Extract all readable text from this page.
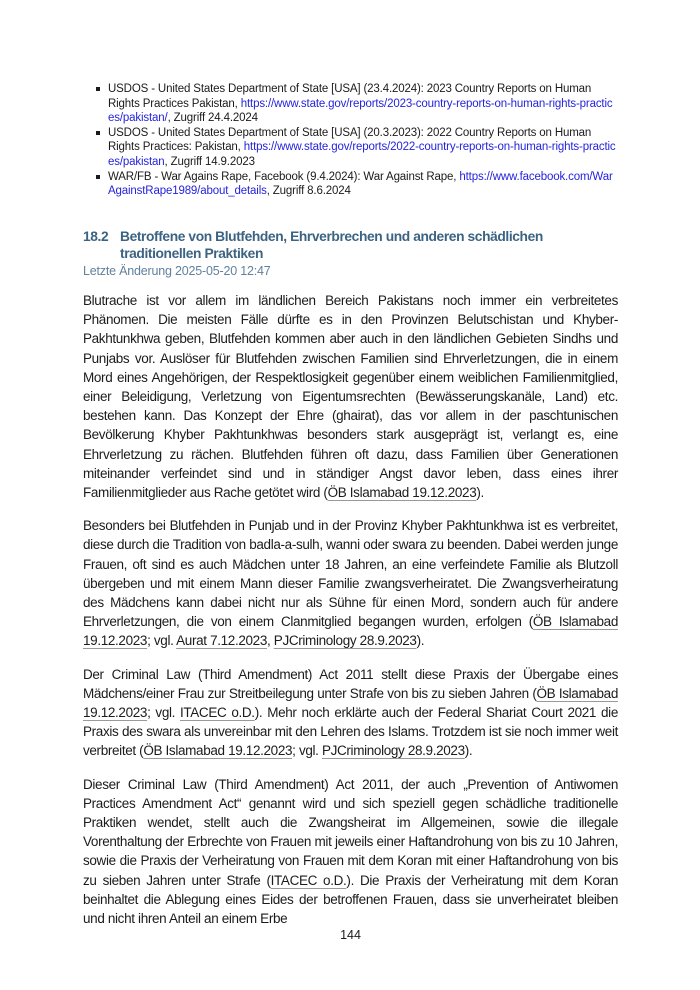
USDOS - United States Department of State [USA] (23.4.2024): 2023 Country Reports on Human Rights Practices Pakistan, https://www.state.gov/reports/2023-country-reports-on-human-rights-practices/pakistan/, Zugriff 24.4.2024
USDOS - United States Department of State [USA] (20.3.2023): 2022 Country Reports on Human Rights Practices: Pakistan, https://www.state.gov/reports/2022-country-reports-on-human-rights-practices/pakistan, Zugriff 14.9.2023
WAR/FB - War Agains Rape, Facebook (9.4.2024): War Against Rape, https://www.facebook.com/WarAgainstRape1989/about_details, Zugriff 8.6.2024
18.2 Betroffene von Blutfehden, Ehrverbrechen und anderen schädlichen traditionellen Praktiken
Letzte Änderung 2025-05-20 12:47

Blutrache ist vor allem im ländlichen Bereich Pakistans noch immer ein verbreitetes Phänomen. Die meisten Fälle dürfte es in den Provinzen Belutschistan und Khyber-Pakhtunkhwa geben, Blutfehden kommen aber auch in den ländlichen Gebieten Sindhs und Punjabs vor. Auslöser für Blutfehden zwischen Familien sind Ehrverletzungen, die in einem Mord eines Angehörigen, der Respektlosigkeit gegenüber einem weiblichen Familienmitglied, einer Beleidigung, Verletzung von Eigentumsrechten (Bewässerungskanäle, Land) etc. bestehen kann. Das Konzept der Ehre (ghairat), das vor allem in der paschtunischen Bevölkerung Khyber Pakhtunkhwas besonders stark ausgeprägt ist, verlangt es, eine Ehrverletzung zu rächen. Blutfehden führen oft dazu, dass Familien über Generationen miteinander verfeindet sind und in ständiger Angst davor leben, dass eines ihrer Familienmitglieder aus Rache getötet wird (ÖB Islamabad 19.12.2023).

Besonders bei Blutfehden in Punjab und in der Provinz Khyber Pakhtunkhwa ist es verbreitet, diese durch die Tradition von badla-a-sulh, wanni oder swara zu beenden. Dabei werden junge Frauen, oft sind es auch Mädchen unter 18 Jahren, an eine verfeindete Familie als Blutzoll übergeben und mit einem Mann dieser Familie zwangsverheiratet. Die Zwangsverheiratung des Mädchens kann dabei nicht nur als Sühne für einen Mord, sondern auch für andere Ehrverletzungen, die von einem Clanmitglied begangen wurden, erfolgen (ÖB Islamabad 19.12.2023; vgl. Aurat 7.12.2023, PJCriminology 28.9.2023).

Der Criminal Law (Third Amendment) Act 2011 stellt diese Praxis der Übergabe eines Mädchens/einer Frau zur Streitbeilegung unter Strafe von bis zu sieben Jahren (ÖB Islamabad 19.12.2023; vgl. ITACEC o.D.). Mehr noch erklärte auch der Federal Shariat Court 2021 die Praxis des swara als unvereinbar mit den Lehren des Islams. Trotzdem ist sie noch immer weit verbreitet (ÖB Islamabad 19.12.2023; vgl. PJCriminology 28.9.2023).

Dieser Criminal Law (Third Amendment) Act 2011, der auch „Prevention of Antiwomen Practices Amendment Act“ genannt wird und sich speziell gegen schädliche traditionelle Praktiken wendet, stellt auch die Zwangsheirat im Allgemeinen, sowie die illegale Vorenthaltung der Erbrechte von Frauen mit jeweils einer Haftandrohung von bis zu 10 Jahren, sowie die Praxis der Verheiratung von Frauen mit dem Koran mit einer Haftandrohung von bis zu sieben Jahren unter Strafe (ITACEC o.D.). Die Praxis der Verheiratung mit dem Koran beinhaltet die Ablegung eines Eides der betroffenen Frauen, dass sie unverheiratet bleiben und nicht ihren Anteil an einem Erbe

144
